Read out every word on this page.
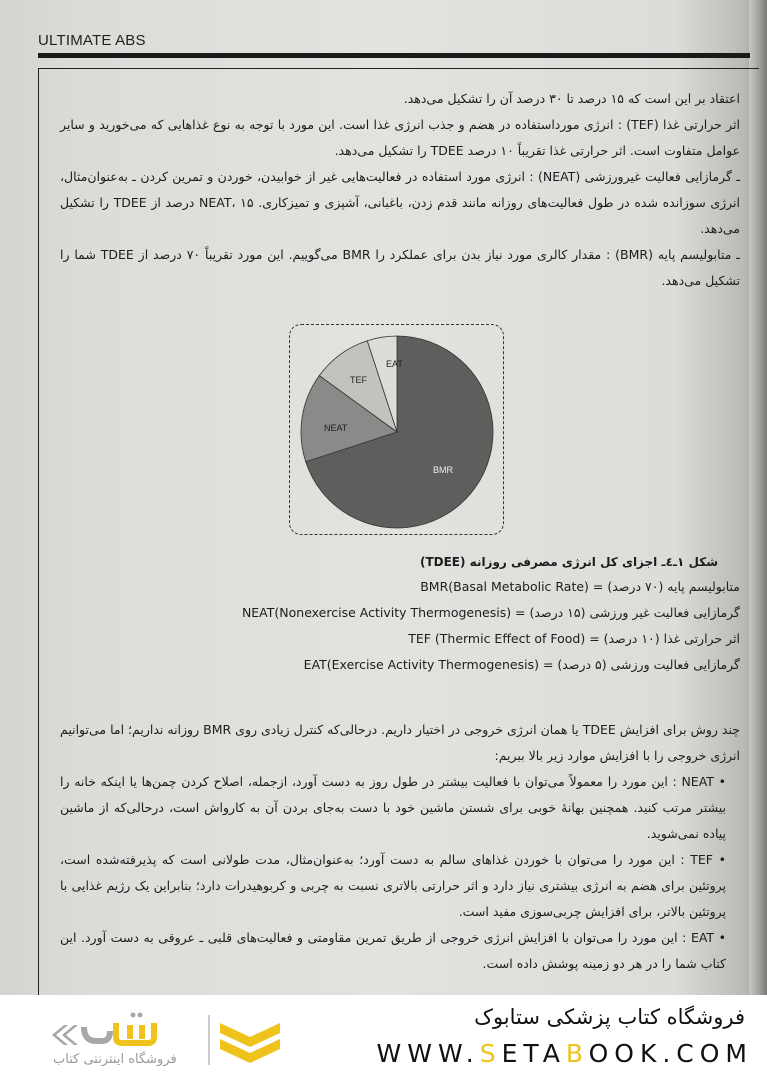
ULTIMATE ABS

اعتقاد بر این است که ۱۵ درصد تا ۳۰ درصد آن را تشکیل می‌دهد.

اثر حرارتی غذا (TEF) : انرژی مورداستفاده در هضم و جذب انرژی غذا است. این مورد با توجه به نوع غذاهایی که می‌خورید و سایر عوامل متفاوت است. اثر حرارتی غذا تقریباً ۱۰ درصد TDEE را تشکیل می‌دهد.

ـ گرمازایی فعالیت غیرورزشی (NEAT) : انرژی مورد استفاده در فعالیت‌هایی غیر از خوابیدن، خوردن و تمرین کردن ـ به‌عنوان‌مثال، انرژی سوزانده شده در طول فعالیت‌های روزانه مانند قدم زدن، باغبانی، آشپزی و تمیزکاری. NEAT، ۱۵ درصد از TDEE را تشکیل می‌دهد.

ـ متابولیسم پایه (BMR) : مقدار کالری مورد نیاز بدن برای عملکرد را BMR می‌گوییم. این مورد تقریباً ۷۰ درصد از TDEE شما را تشکیل می‌دهد.

BMR
NEAT
TEF
EAT
شکل ۱ـ٤ـ اجزای کل انرژی مصرفی روزانه (TDEE)
BMR(Basal Metabolic Rate) = متابولیسم پایه (۷۰ درصد)
NEAT(Nonexercise Activity Thermogenesis) = گرمازایی فعالیت غیر ورزشی (۱۵ درصد)
TEF (Thermic Effect of Food) = اثر حرارتی غذا (۱۰ درصد)
EAT(Exercise Activity Thermogenesis) = گرمازایی فعالیت ورزشی (۵ درصد)

چند روش برای افزایش TDEE یا همان انرژی خروجی در اختیار داریم. درحالی‌که کنترل زیادی روی BMR روزانه نداریم؛ اما می‌توانیم انرژی خروجی را با افزایش موارد زیر بالا ببریم:

• NEAT : این مورد را معمولاً می‌توان با فعالیت بیشتر در طول روز به دست آورد، ازجمله، اصلاح کردن چمن‌ها یا اینکه خانه را بیشتر مرتب کنید. همچنین بهانهٔ خوبی برای شستن ماشین خود با دست به‌جای بردن آن به کارواش است، درحالی‌که از ماشین پیاده نمی‌شوید.

• TEF : این مورد را می‌توان با خوردن غذاهای سالم به دست آورد؛ به‌عنوان‌مثال، مدت طولانی است که پذیرفته‌شده است، پروتئین برای هضم به انرژی بیشتری نیاز دارد و اثر حرارتی بالاتری نسبت به چربی و کربوهیدرات دارد؛ بنابراین یک رژیم غذایی با پروتئین بالاتر، برای افزایش چربی‌سوزی مفید است.

• EAT : این مورد را می‌توان با افزایش انرژی خروجی از طریق تمرین مقاومتی و فعالیت‌های قلبی ـ عروقی به دست آورد. این کتاب شما را در هر دو زمینه پوشش داده است.

فروشگاه اینترنتی کتاب
فروشگاه کتاب پزشکی ستابوک
WWW.SETABOOK.COM
